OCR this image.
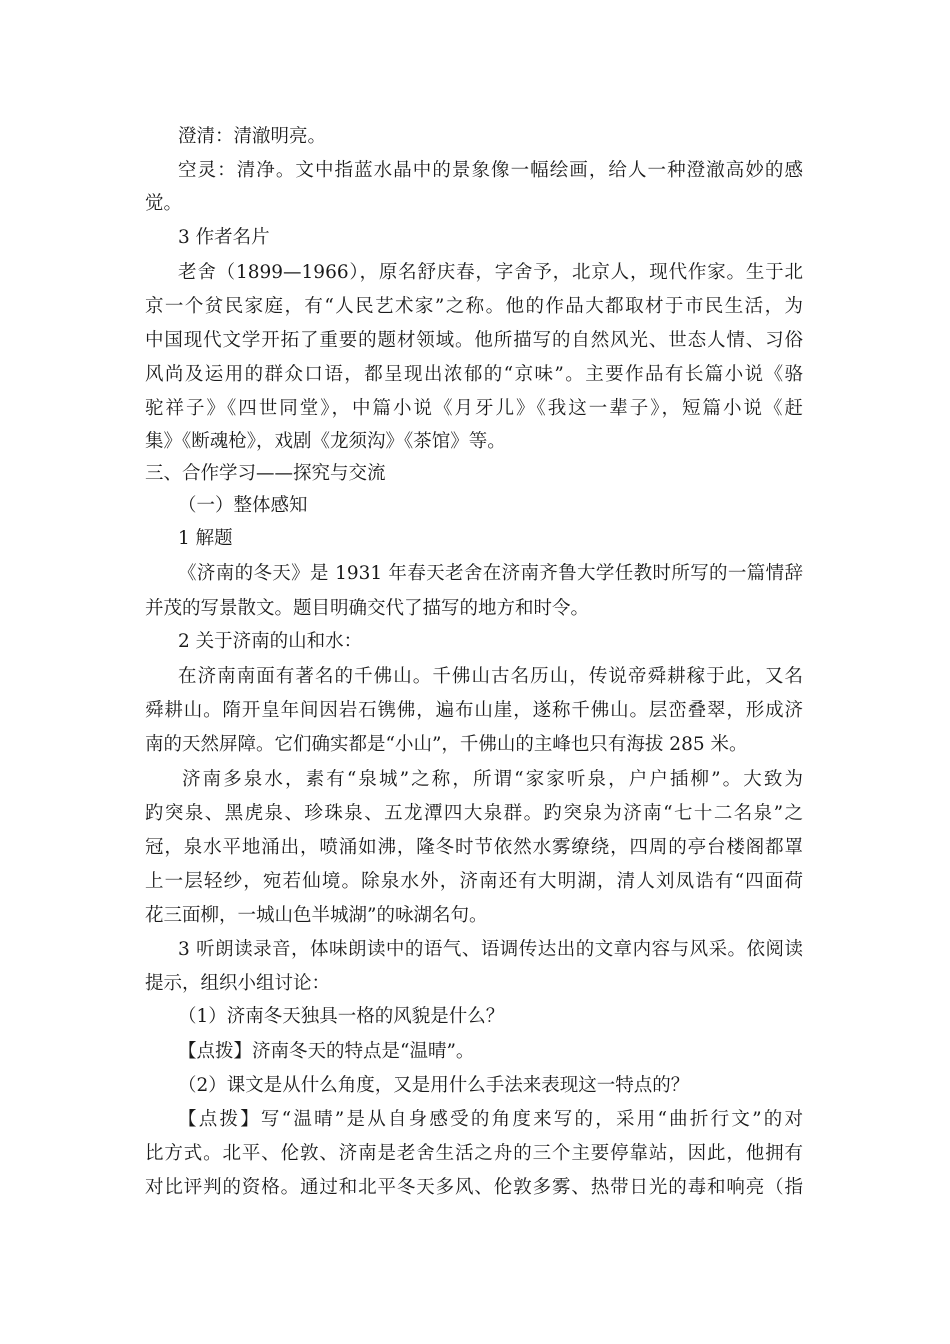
澄清：清澈明亮。
空灵：清净。文中指蓝水晶中的景象像一幅绘画，给人一种澄澈高妙的感
觉。
3 作者名片
老舍（1899—1966），原名舒庆春，字舍予，北京人，现代作家。生于北
京一个贫民家庭，有“人民艺术家”之称。他的作品大都取材于市民生活，为
中国现代文学开拓了重要的题材领域。他所描写的自然风光、世态人情、习俗
风尚及运用的群众口语，都呈现出浓郁的“京味”。主要作品有长篇小说《骆
驼祥子》《四世同堂》，中篇小说《月牙儿》《我这一辈子》，短篇小说《赶
集》《断魂枪》，戏剧《龙须沟》《茶馆》等。
三、合作学习——探究与交流
（一）整体感知
1 解题
《济南的冬天》是 1931 年春天老舍在济南齐鲁大学任教时所写的一篇情辞
并茂的写景散文。题目明确交代了描写的地方和时令。
2 关于济南的山和水：
在济南南面有著名的千佛山。千佛山古名历山，传说帝舜耕稼于此，又名
舜耕山。隋开皇年间因岩石镌佛，遍布山崖，遂称千佛山。层峦叠翠，形成济
南的天然屏障。它们确实都是“小山”，千佛山的主峰也只有海拔 285 米。
济南多泉水，素有“泉城”之称，所谓“家家听泉，户户插柳”。大致为
趵突泉、黑虎泉、珍珠泉、五龙潭四大泉群。趵突泉为济南“七十二名泉”之
冠，泉水平地涌出，喷涌如沸，隆冬时节依然水雾缭绕，四周的亭台楼阁都罩
上一层轻纱，宛若仙境。除泉水外，济南还有大明湖，清人刘凤诰有“四面荷
花三面柳，一城山色半城湖”的咏湖名句。
3 听朗读录音，体味朗读中的语气、语调传达出的文章内容与风采。依阅读
提示，组织小组讨论：
（1）济南冬天独具一格的风貌是什么？
【点拨】济南冬天的特点是“温晴”。
（2）课文是从什么角度，又是用什么手法来表现这一特点的？
【点拨】写“温晴”是从自身感受的角度来写的，采用“曲折行文”的对
比方式。北平、伦敦、济南是老舍生活之舟的三个主要停靠站，因此，他拥有
对比评判的资格。通过和北平冬天多风、伦敦多雾、热带日光的毒和响亮（指
